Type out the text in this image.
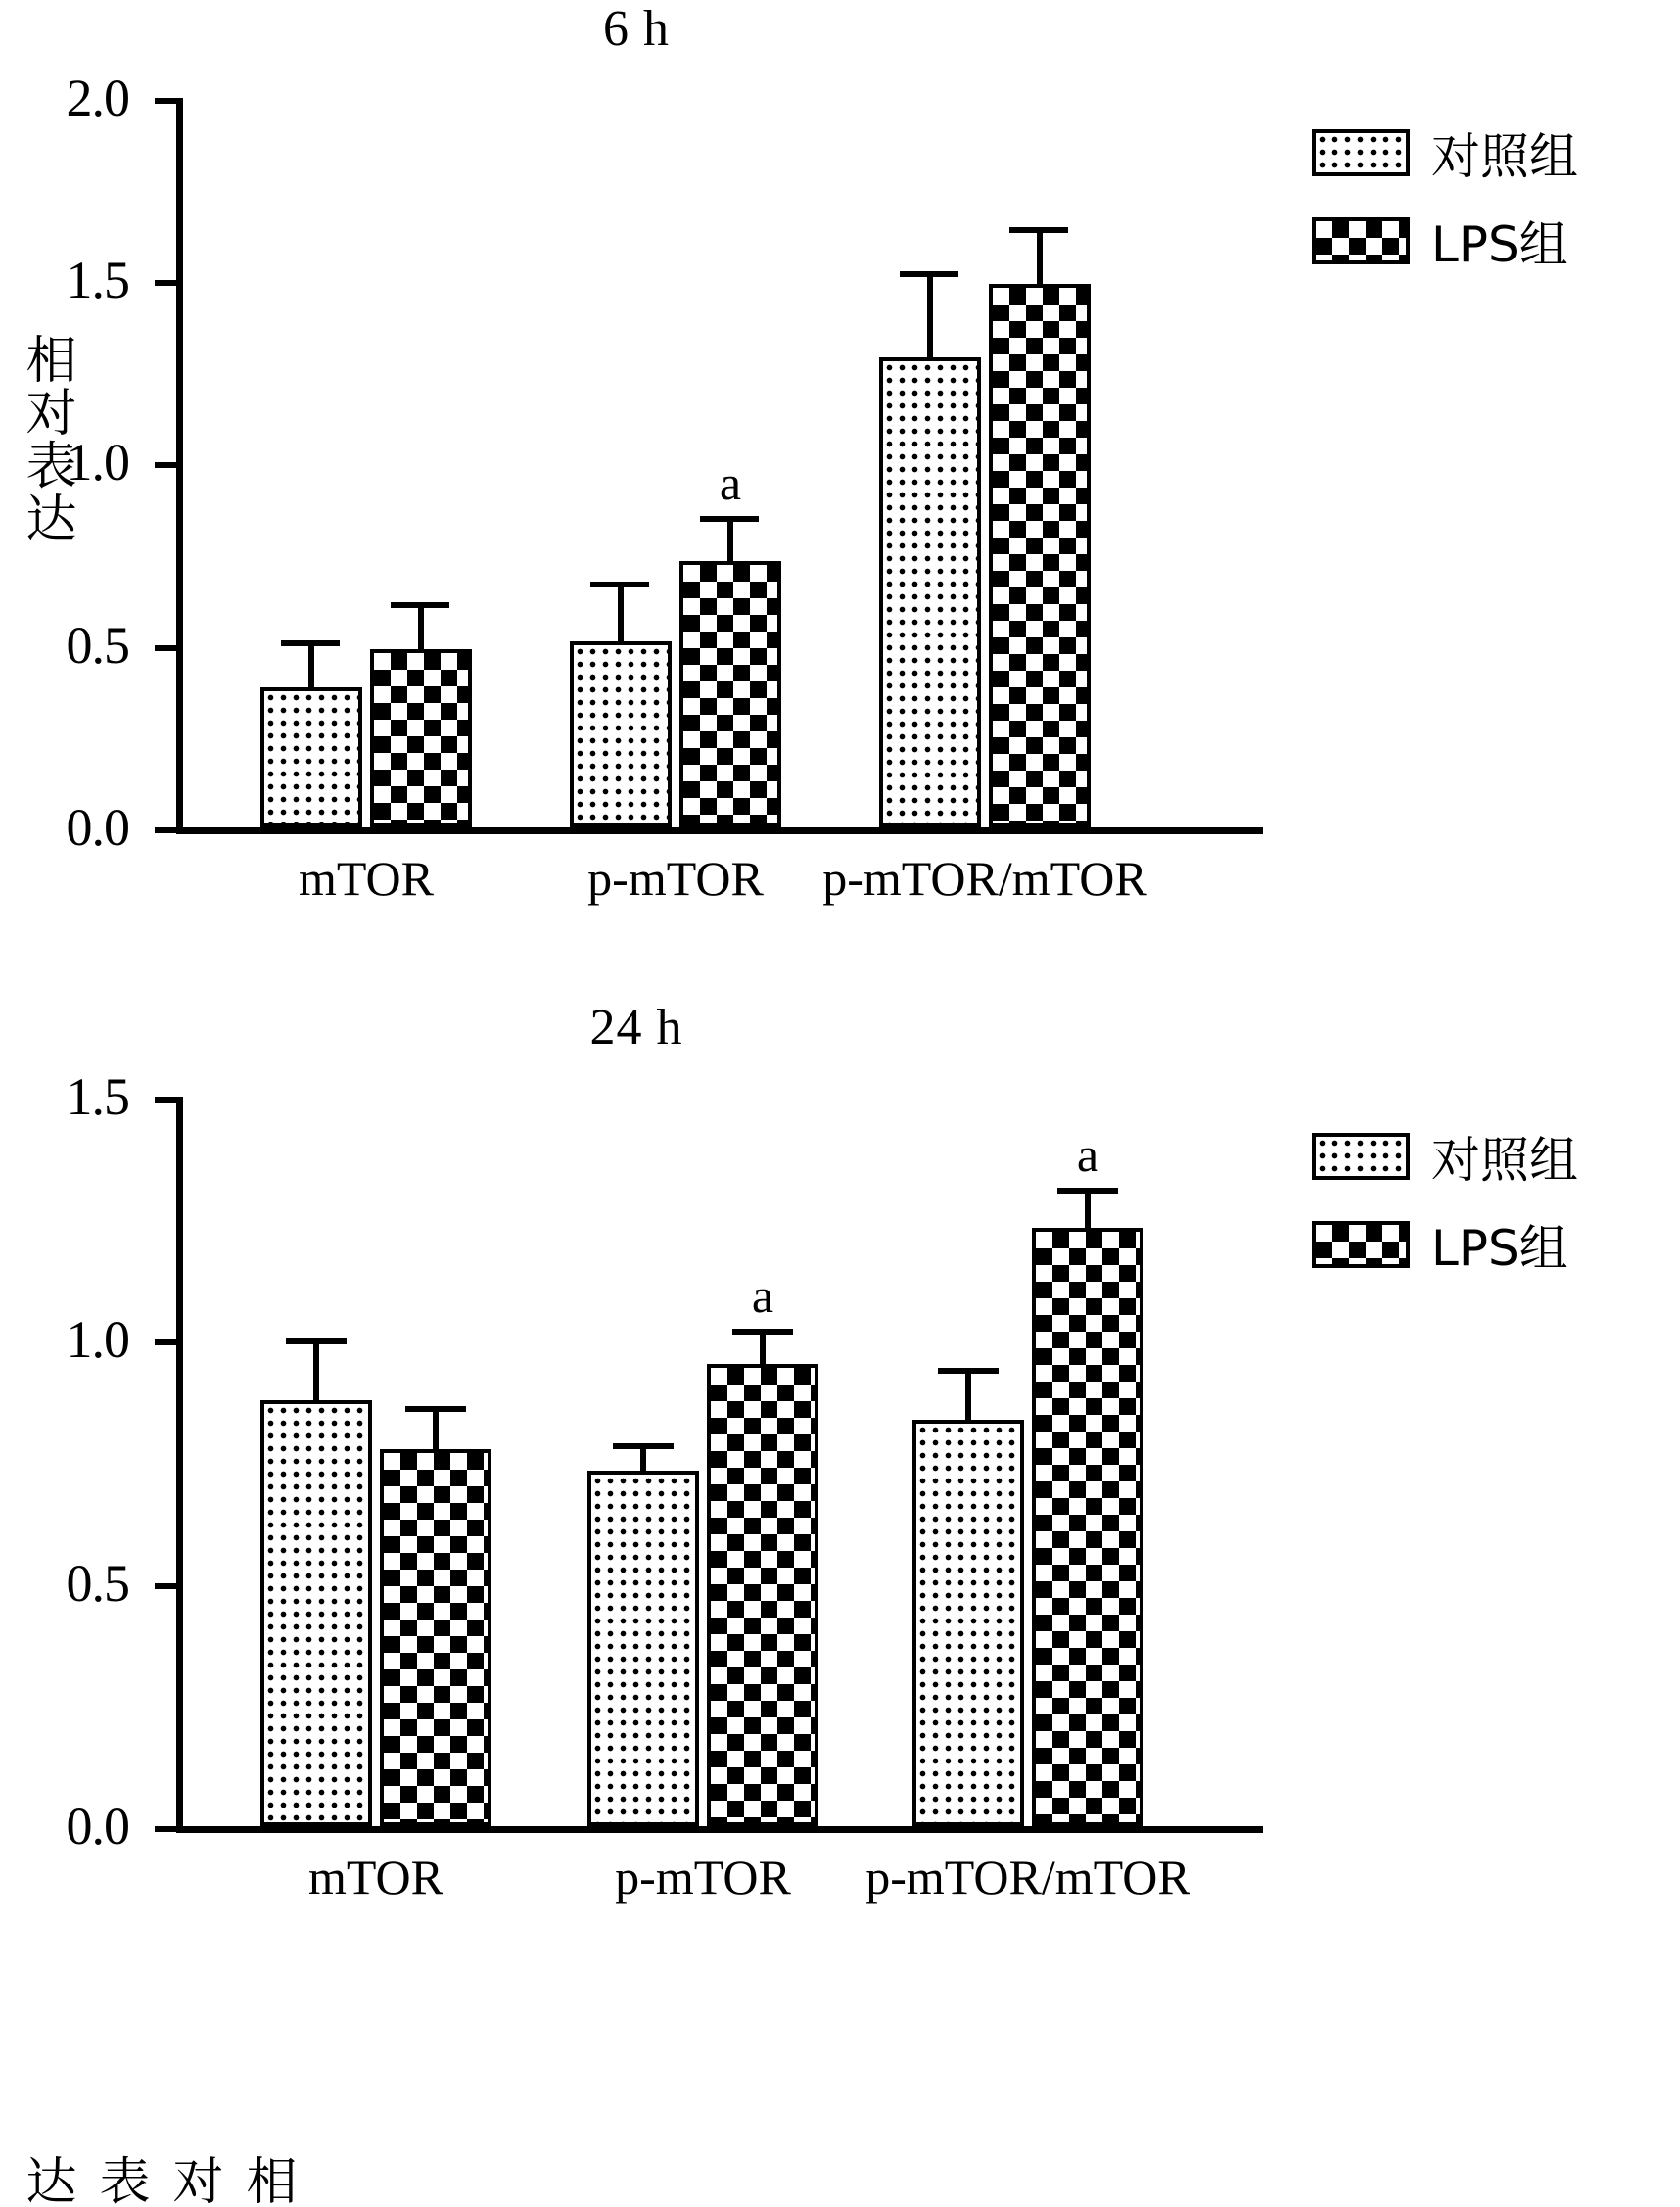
6 h
相对表达
2.0
1.5
1.0
0.5
0.0
a
mTOR	p-mTOR p-mTOR/mTOR
对照组
LPS组
24 h
相对表达
1.5
1.0
0.5
0.0
a
a
mTOR	p-mTOR p-mTOR/mTOR
对照组
LPS组
